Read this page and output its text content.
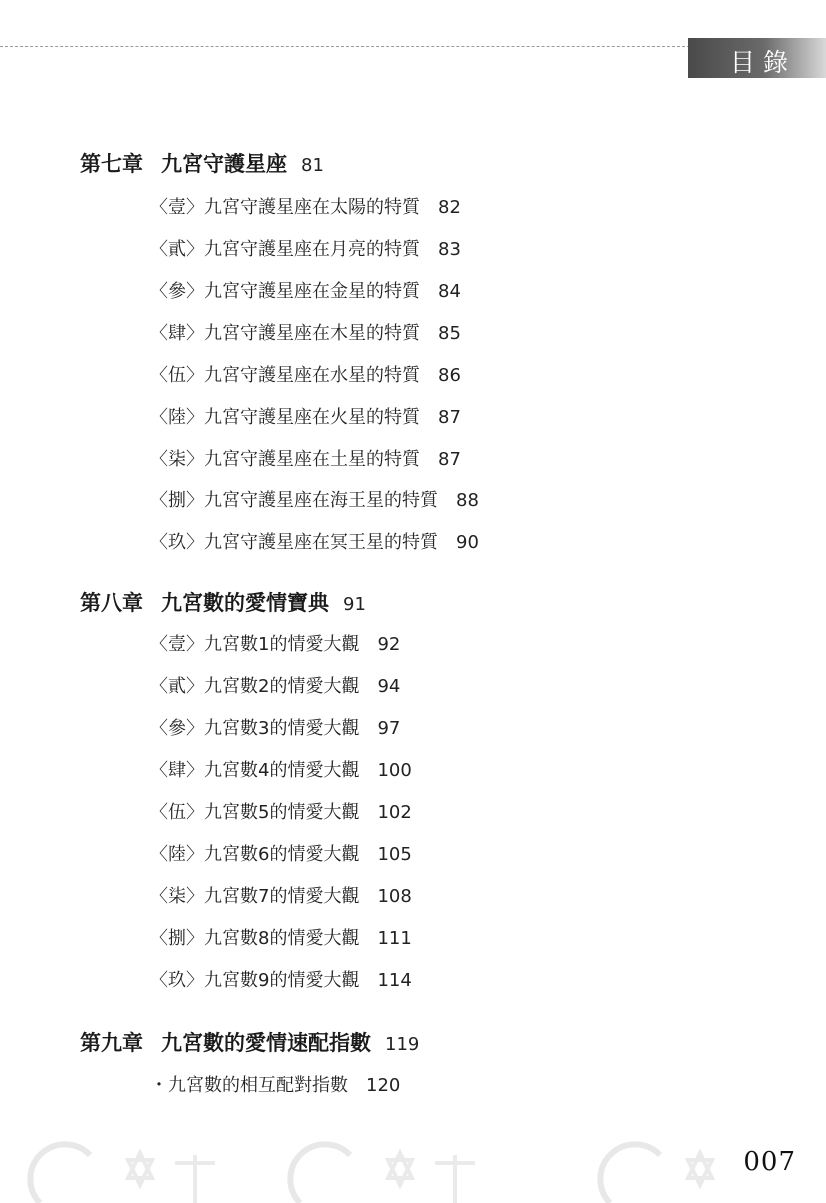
目錄
第七章 九宮守護星座 81
〈壹〉九宮守護星座在太陽的特質 82
〈貳〉九宮守護星座在月亮的特質 83
〈參〉九宮守護星座在金星的特質 84
〈肆〉九宮守護星座在木星的特質 85
〈伍〉九宮守護星座在水星的特質 86
〈陸〉九宮守護星座在火星的特質 87
〈柒〉九宮守護星座在土星的特質 87
〈捌〉九宮守護星座在海王星的特質 88
〈玖〉九宮守護星座在冥王星的特質 90
第八章 九宮數的愛情寶典 91
〈壹〉九宮數1的情愛大觀 92
〈貳〉九宮數2的情愛大觀 94
〈參〉九宮數3的情愛大觀 97
〈肆〉九宮數4的情愛大觀 100
〈伍〉九宮數5的情愛大觀 102
〈陸〉九宮數6的情愛大觀 105
〈柒〉九宮數7的情愛大觀 108
〈捌〉九宮數8的情愛大觀 111
〈玖〉九宮數9的情愛大觀 114
第九章 九宮數的愛情速配指數 119
・九宮數的相互配對指數 120
007
